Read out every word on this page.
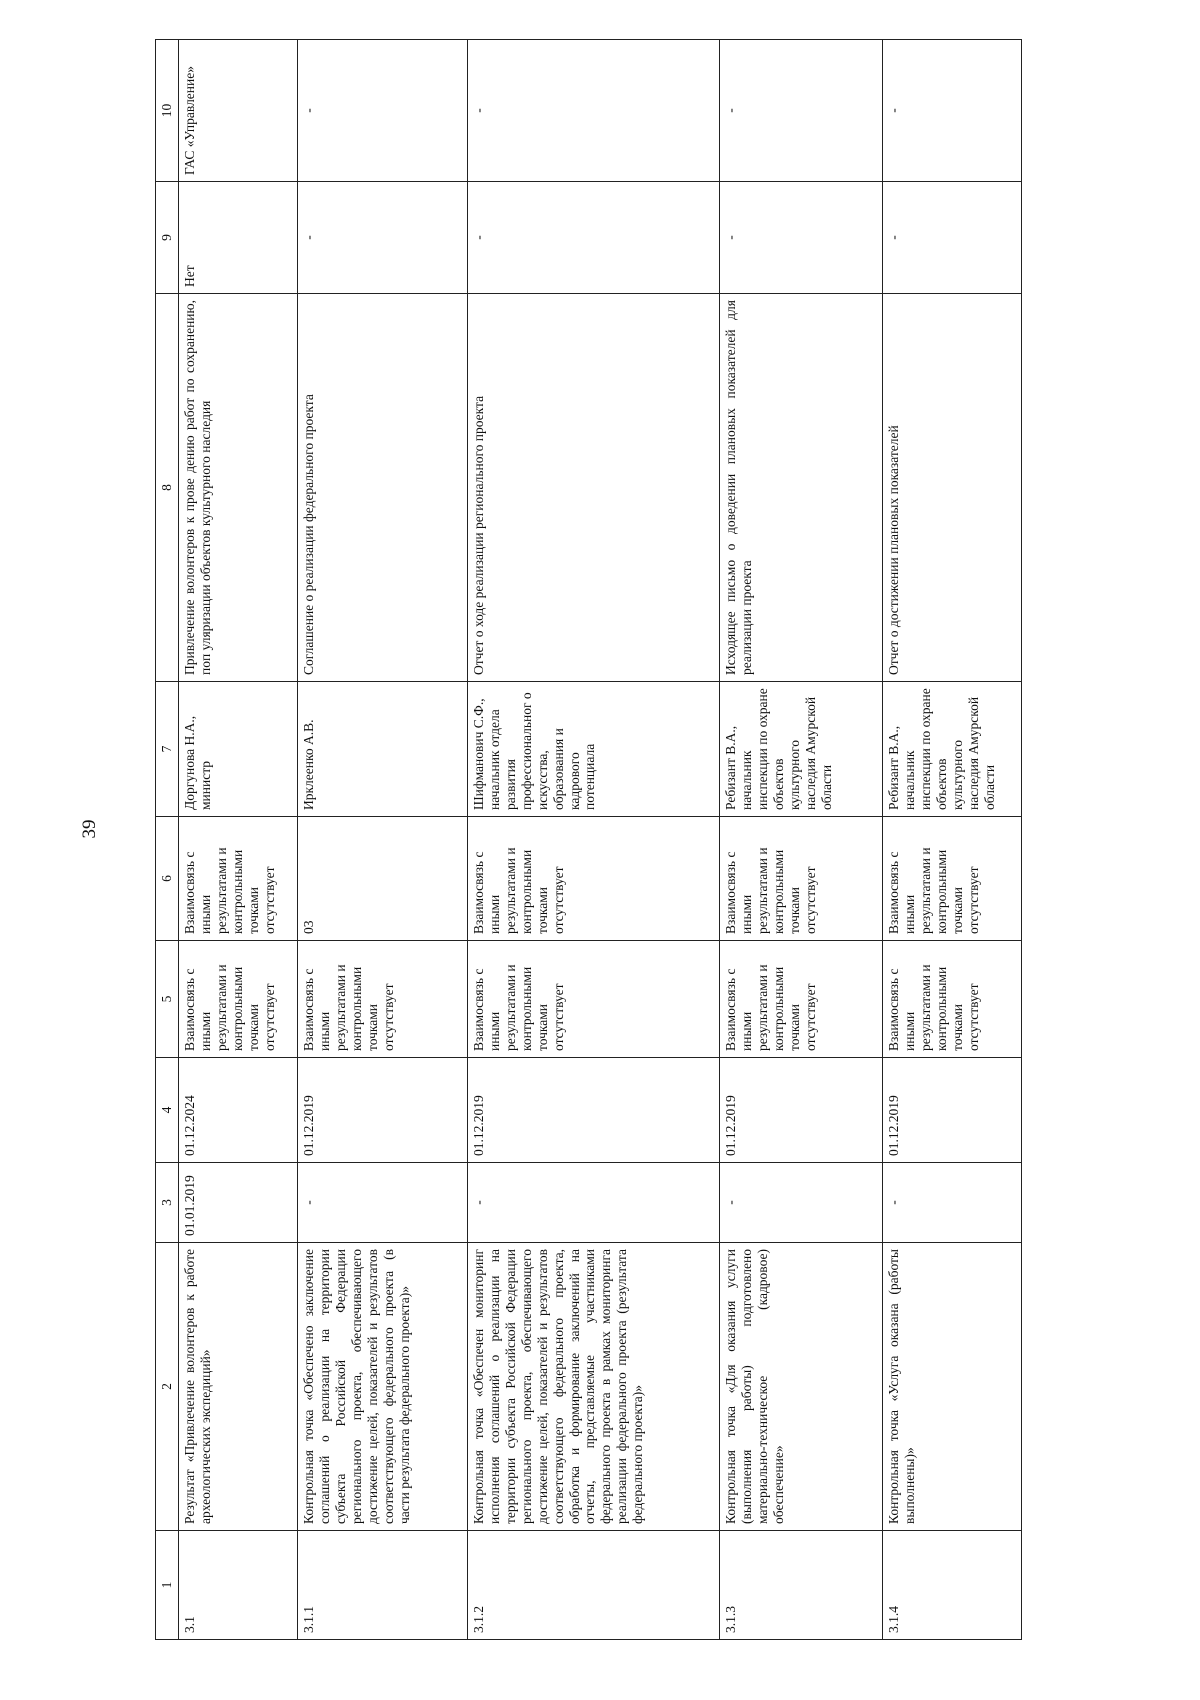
39
1	2	3	4	5	6	7	8	9	10
3.1	Результат «Привлечение волонтеров к работе археологических экспедиций»	01.01.2019	01.12.2024	Взаимосвязь с иными результатами и контрольными точками отсутствует	Взаимосвязь с иными результатами и контрольными точками отсутствует	Доргунова Н.А., министр	Привлечение волонтеров к прове дению работ по сохранению, поп уляризации объектов культурного наследия	Нет	ГАС «Управление»
3.1.1	Контрольная точка «Обеспечено заключение соглашений о реализации на территории субъекта Российской Федерации регионального проекта, обеспечивающего достижение целей, показателей и результатов соответствующего федерального проекта (в части результата федерального проекта)»	-	01.12.2019	Взаимосвязь с иными результатами и контрольными точками отсутствует	03	Ирклеенко А.В.	Соглашение о реализации федерального проекта	-	-
3.1.2	Контрольная точка «Обеспечен мониторинг исполнения соглашений о реализации на территории субъекта Российской Федерации регионального проекта, обеспечивающего достижение целей, показателей и результатов соответствующего федерального проекта, обработка и формирование заключений на отчеты, представляемые участниками федерального проекта в рамках мониторинга реализации федерального проекта (результата федерального проекта)»	-	01.12.2019	Взаимосвязь с иными результатами и контрольными точками отсутствует	Взаимосвязь с иными результатами и контрольными точками отсутствует	Шифманович С.Ф., начальник отдела развития профессиональног о искусства, образования и кадрового потенциала	Отчет о ходе реализации регионального проекта	-	-
3.1.3	Контрольная точка «Для оказания услуги (выполнения работы) подготовлено материально-техническое (кадровое) обеспечение»	-	01.12.2019	Взаимосвязь с иными результатами и контрольными точками отсутствует	Взаимосвязь с иными результатами и контрольными точками отсутствует	Ребизант В.А., начальник инспекции по охране объектов культурного наследия Амурской области	Исходящее письмо о доведении плановых показателей для реализации проекта	-	-
3.1.4	Контрольная точка «Услуга оказана (работы выполнены)»	-	01.12.2019	Взаимосвязь с иными результатами и контрольными точками отсутствует	Взаимосвязь с иными результатами и контрольными точками отсутствует	Ребизант В.А., начальник инспекции по охране объектов культурного наследия Амурской области	Отчет о достижении плановых показателей	-	-
